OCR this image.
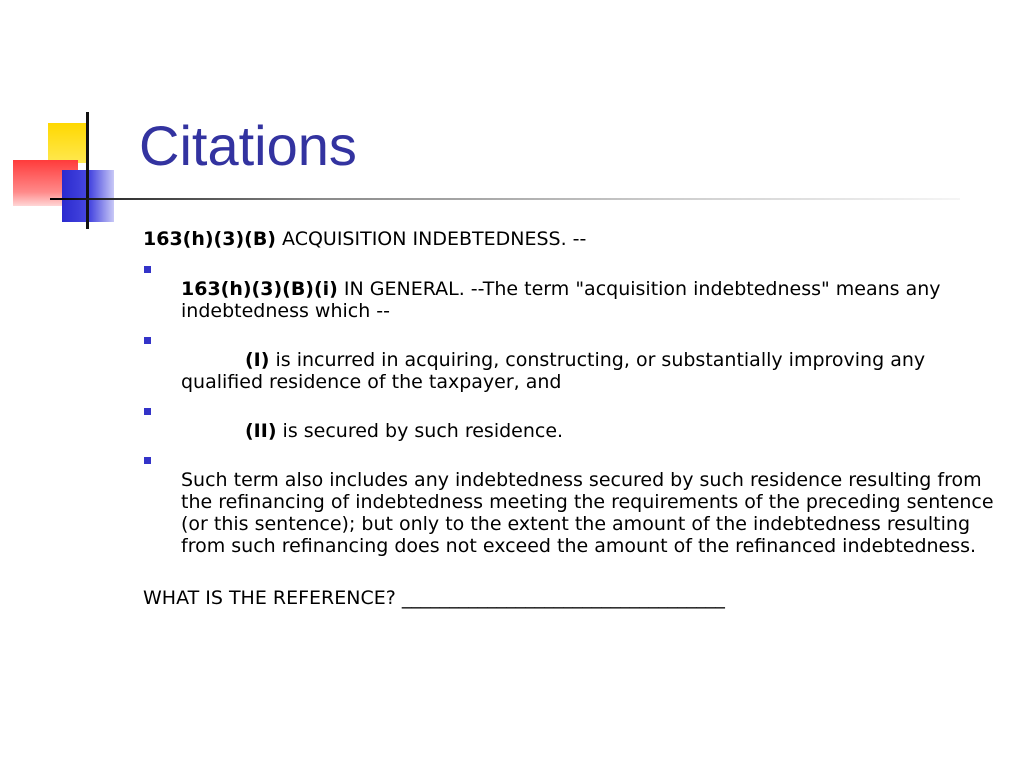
Citations

163(h)(3)(B) ACQUISITION INDEBTEDNESS. --

163(h)(3)(B)(i) IN GENERAL. --The term "acquisition indebtedness" means any indebtedness which --
(I) is incurred in acquiring, constructing, or substantially improving any qualified residence of the taxpayer, and
(II) is secured by such residence.
Such term also includes any indebtedness secured by such residence resulting from the refinancing of indebtedness meeting the requirements of the preceding sentence (or this sentence); but only to the extent the amount of the indebtedness resulting from such refinancing does not exceed the amount of the refinanced indebtedness.

WHAT IS THE REFERENCE? __________________________________
